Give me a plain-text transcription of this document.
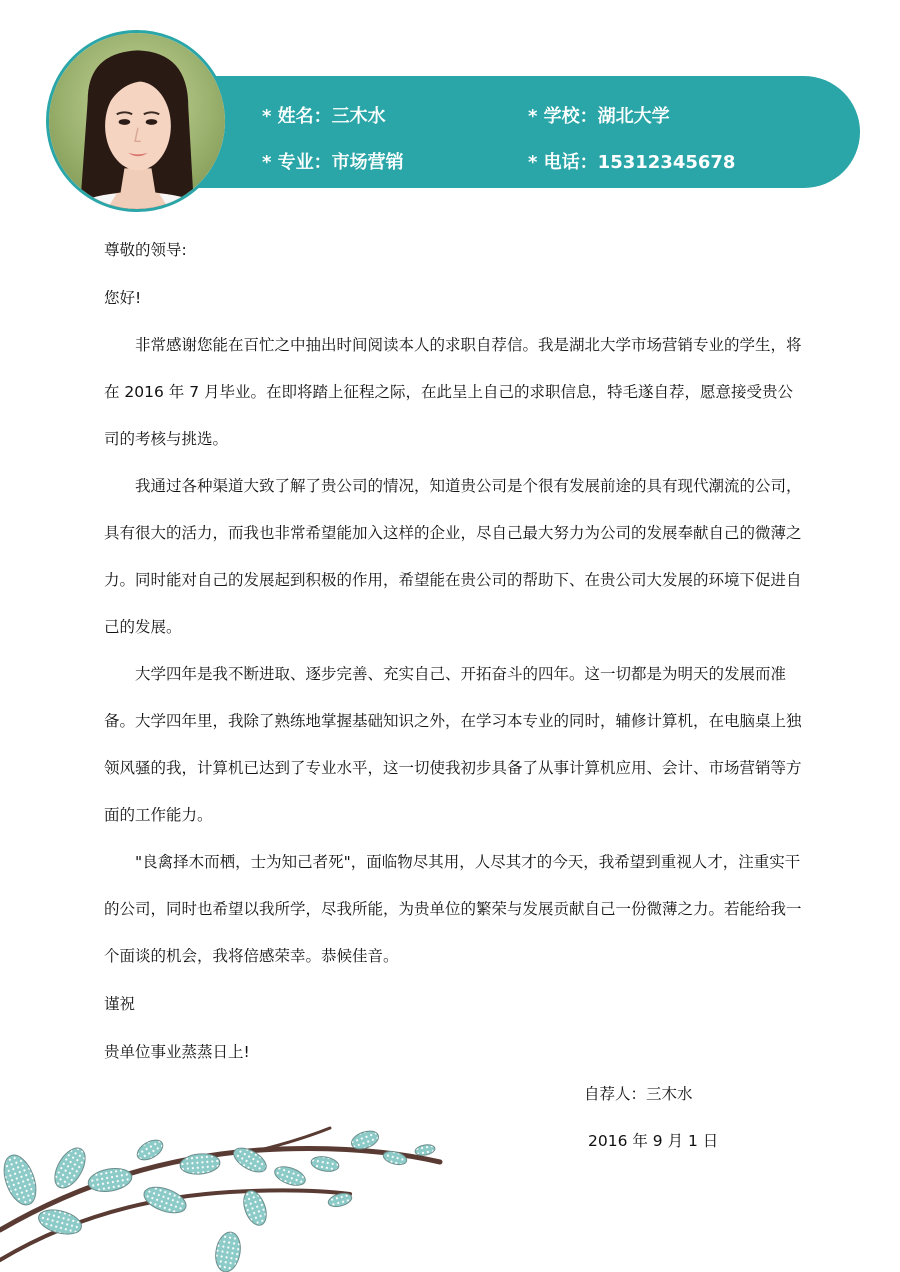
* 姓名：三木水	* 学校：湖北大学
* 专业：市场营销	* 电话：15312345678
尊敬的领导:
您好!

非常感谢您能在百忙之中抽出时间阅读本人的求职自荐信。我是湖北大学市场营销专业的学生，将在 2016 年 7 月毕业。在即将踏上征程之际，在此呈上自己的求职信息，特毛遂自荐，愿意接受贵公司的考核与挑选。

我通过各种渠道大致了解了贵公司的情况，知道贵公司是个很有发展前途的具有现代潮流的公司，具有很大的活力，而我也非常希望能加入这样的企业，尽自己最大努力为公司的发展奉献自己的微薄之力。同时能对自己的发展起到积极的作用，希望能在贵公司的帮助下、在贵公司大发展的环境下促进自己的发展。

大学四年是我不断进取、逐步完善、充实自己、开拓奋斗的四年。这一切都是为明天的发展而准备。大学四年里，我除了熟练地掌握基础知识之外，在学习本专业的同时，辅修计算机，在电脑桌上独领风骚的我，计算机已达到了专业水平，这一切使我初步具备了从事计算机应用、会计、市场营销等方面的工作能力。

"良禽择木而栖，士为知己者死"，面临物尽其用，人尽其才的今天，我希望到重视人才，注重实干的公司，同时也希望以我所学，尽我所能，为贵单位的繁荣与发展贡献自己一份微薄之力。若能给我一个面谈的机会，我将倍感荣幸。恭候佳音。

谨祝
贵单位事业蒸蒸日上!
自荐人：三木水
2016 年 9 月 1 日
